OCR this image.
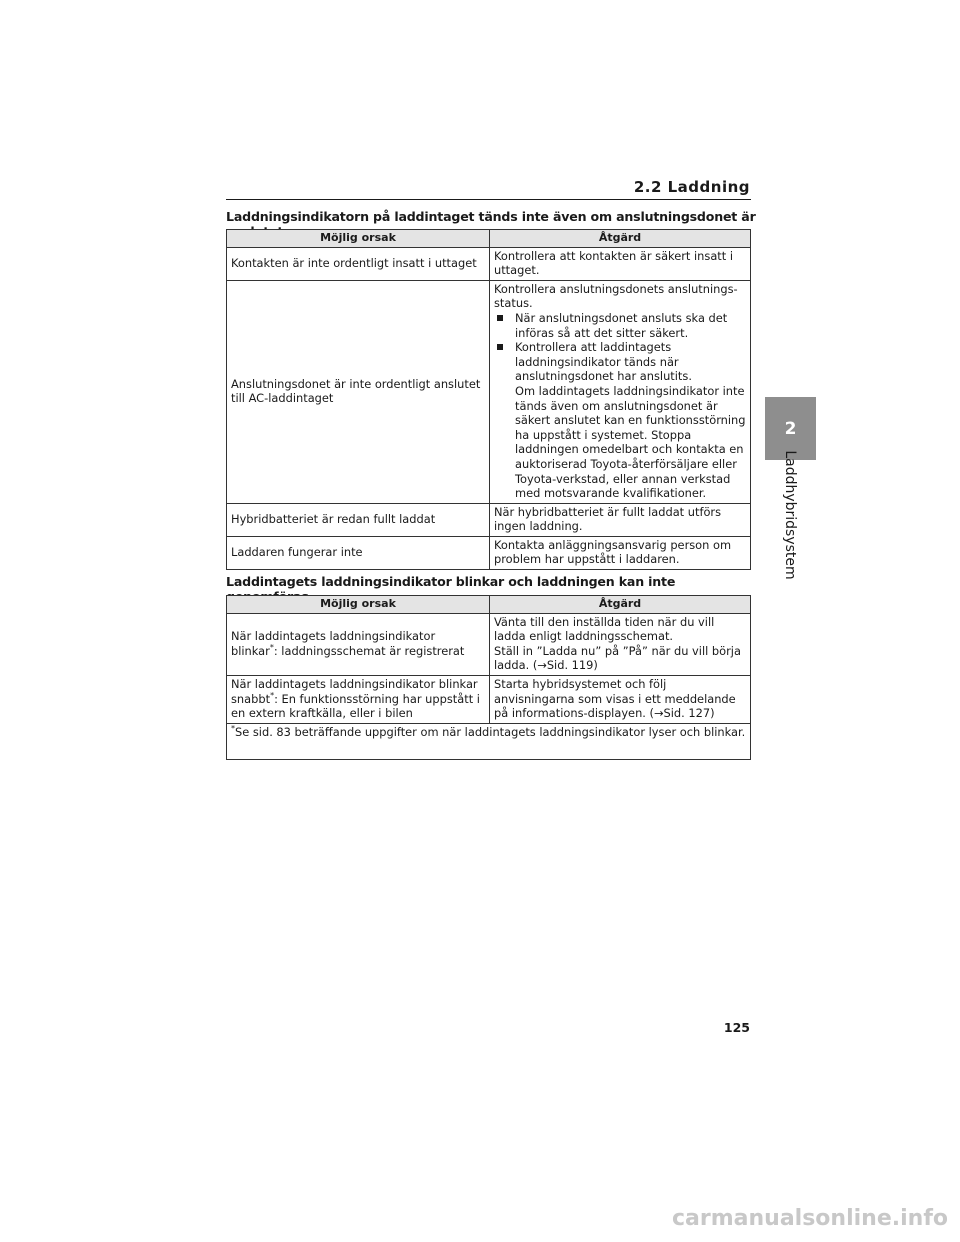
2.2 Laddning
Laddningsindikatorn på laddintaget tänds inte även om anslutningsdonet är
Möjlig orsak	Åtgärd
Kontakten är inte ordentligt insatt i uttaget	Kontrollera att kontakten är säkert insatt i uttaget.
Anslutningsdonet är inte ordentligt anslutet till AC-laddintaget	Kontrollera anslutningsdonets anslutnings-status.
När anslutningsdonet ansluts ska det införas så att det sitter säkert.
Kontrollera att laddintagets laddningsindikator tänds när anslutningsdonet har anslutits.
Om laddintagets laddningsindikator inte tänds även om anslutningsdonet är säkert anslutet kan en funktionsstörning ha uppstått i systemet. Stoppa laddningen omedelbart och kontakta en auktoriserad Toyota-återförsäljare eller Toyota-verkstad, eller annan verkstad med motsvarande kvalifikationer.

Hybridbatteriet är redan fullt laddat	När hybridbatteriet är fullt laddat utförs ingen laddning.
Laddaren fungerar inte	Kontakta anläggningsansvarig person om problem har uppstått i laddaren.
Laddintagets laddningsindikator blinkar och laddningen kan inte
Möjlig orsak	Åtgärd
När laddintagets laddningsindikator blinkar*: laddningsschemat är registrerat	Vänta till den inställda tiden när du vill ladda enligt laddningsschemat.
Ställ in ”Ladda nu” på ”På” när du vill börja laddа. (→Sid. 119)

När laddintagets laddningsindikator blinkar snabbt*: En funktionsstörning har uppstått i en extern kraftkälla, eller i bilen	Starta hybridsystemet och följ anvisningarna som visas i ett meddelande på informations-displayen. (→Sid. 127)
*Se sid. 83 beträffande uppgifter om när laddintagets laddningsindikator lyser och blinkar.	
2
Laddhybridsystem
125
carmanualsonline.info
